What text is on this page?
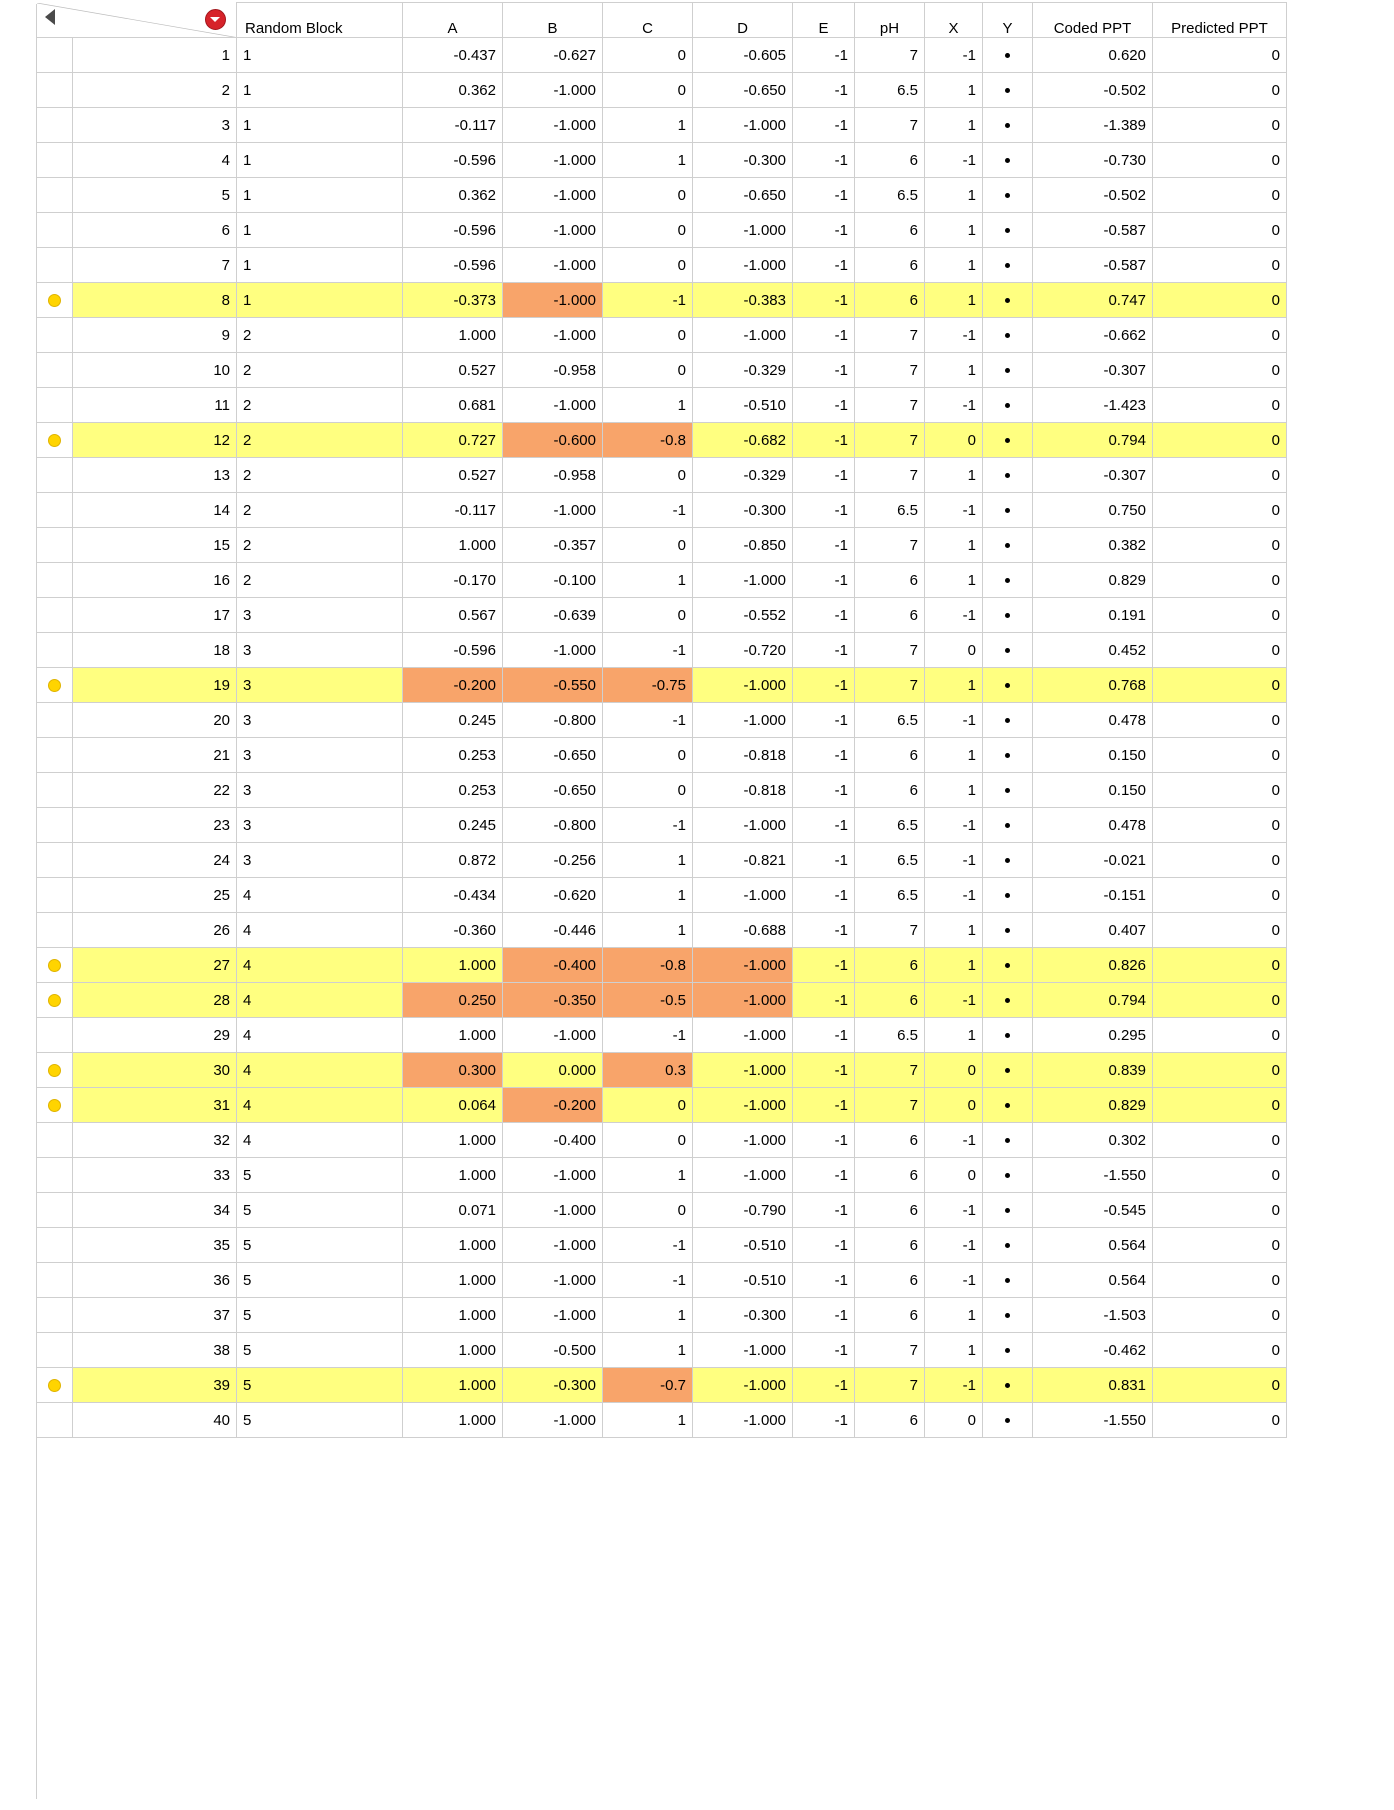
	Random Block	A	B	C	D	E	pH	X	Y	Coded PPT	Predicted PPT
	1	1	-0.437	-0.627	0	-0.605	-1	7	-1		0.620	0
	2	1	0.362	-1.000	0	-0.650	-1	6.5	1		-0.502	0
	3	1	-0.117	-1.000	1	-1.000	-1	7	1		-1.389	0
	4	1	-0.596	-1.000	1	-0.300	-1	6	-1		-0.730	0
	5	1	0.362	-1.000	0	-0.650	-1	6.5	1		-0.502	0
	6	1	-0.596	-1.000	0	-1.000	-1	6	1		-0.587	0
	7	1	-0.596	-1.000	0	-1.000	-1	6	1		-0.587	0
	8	1	-0.373	-1.000	-1	-0.383	-1	6	1		0.747	0
	9	2	1.000	-1.000	0	-1.000	-1	7	-1		-0.662	0
	10	2	0.527	-0.958	0	-0.329	-1	7	1		-0.307	0
	11	2	0.681	-1.000	1	-0.510	-1	7	-1		-1.423	0
	12	2	0.727	-0.600	-0.8	-0.682	-1	7	0		0.794	0
	13	2	0.527	-0.958	0	-0.329	-1	7	1		-0.307	0
	14	2	-0.117	-1.000	-1	-0.300	-1	6.5	-1		0.750	0
	15	2	1.000	-0.357	0	-0.850	-1	7	1		0.382	0
	16	2	-0.170	-0.100	1	-1.000	-1	6	1		0.829	0
	17	3	0.567	-0.639	0	-0.552	-1	6	-1		0.191	0
	18	3	-0.596	-1.000	-1	-0.720	-1	7	0		0.452	0
	19	3	-0.200	-0.550	-0.75	-1.000	-1	7	1		0.768	0
	20	3	0.245	-0.800	-1	-1.000	-1	6.5	-1		0.478	0
	21	3	0.253	-0.650	0	-0.818	-1	6	1		0.150	0
	22	3	0.253	-0.650	0	-0.818	-1	6	1		0.150	0
	23	3	0.245	-0.800	-1	-1.000	-1	6.5	-1		0.478	0
	24	3	0.872	-0.256	1	-0.821	-1	6.5	-1		-0.021	0
	25	4	-0.434	-0.620	1	-1.000	-1	6.5	-1		-0.151	0
	26	4	-0.360	-0.446	1	-0.688	-1	7	1		0.407	0
	27	4	1.000	-0.400	-0.8	-1.000	-1	6	1		0.826	0
	28	4	0.250	-0.350	-0.5	-1.000	-1	6	-1		0.794	0
	29	4	1.000	-1.000	-1	-1.000	-1	6.5	1		0.295	0
	30	4	0.300	0.000	0.3	-1.000	-1	7	0		0.839	0
	31	4	0.064	-0.200	0	-1.000	-1	7	0		0.829	0
	32	4	1.000	-0.400	0	-1.000	-1	6	-1		0.302	0
	33	5	1.000	-1.000	1	-1.000	-1	6	0		-1.550	0
	34	5	0.071	-1.000	0	-0.790	-1	6	-1		-0.545	0
	35	5	1.000	-1.000	-1	-0.510	-1	6	-1		0.564	0
	36	5	1.000	-1.000	-1	-0.510	-1	6	-1		0.564	0
	37	5	1.000	-1.000	1	-0.300	-1	6	1		-1.503	0
	38	5	1.000	-0.500	1	-1.000	-1	7	1		-0.462	0
	39	5	1.000	-0.300	-0.7	-1.000	-1	7	-1		0.831	0
	40	5	1.000	-1.000	1	-1.000	-1	6	0		-1.550	0
